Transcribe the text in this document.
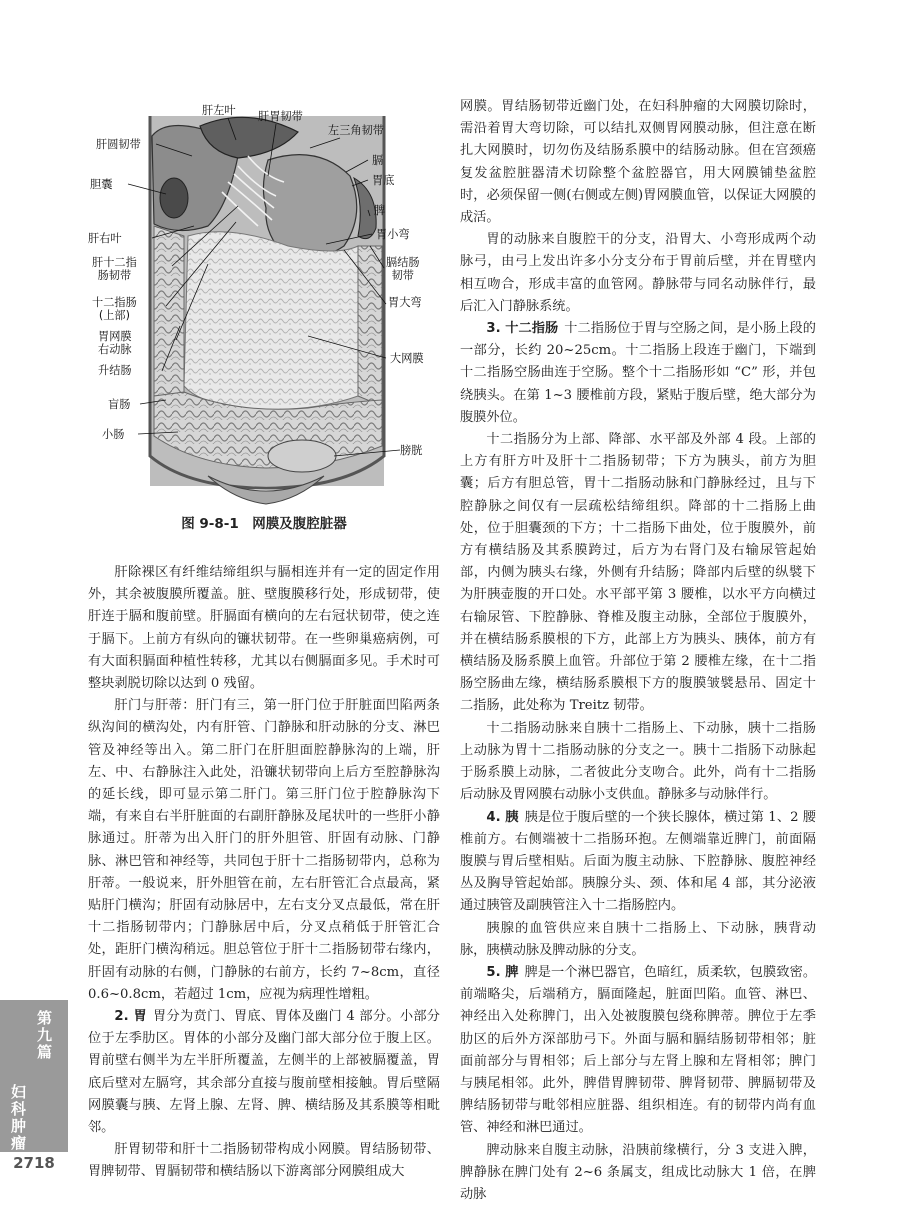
肝左叶 肝胃韧带
左三角韧带
肝圆韧带
膈
胆囊	胃底
脾
肝右叶	胃小弯
肝十二指
肠韧带
膈结肠
韧带
十二指肠
(上部)
胃大弯
胃网膜
右动脉
升结肠
大网膜
盲肠
小肠
膀胱
图 9-8-1　网膜及腹腔脏器

肝除裸区有纤维结缔组织与膈相连并有一定的固定作用外，其余被腹膜所覆盖。脏、壁腹膜移行处，形成韧带，使肝连于膈和腹前壁。肝膈面有横向的左右冠状韧带，使之连于膈下。上前方有纵向的镰状韧带。在一些卵巢癌病例，可有大面积膈面种植性转移，尤其以右侧膈面多见。手术时可整块剥脱切除以达到 0 残留。

肝门与肝蒂：肝门有三，第一肝门位于肝脏面凹陷两条纵沟间的横沟处，内有肝管、门静脉和肝动脉的分支、淋巴管及神经等出入。第二肝门在肝胆面腔静脉沟的上端，肝左、中、右静脉注入此处，沿镰状韧带向上后方至腔静脉沟的延长线，即可显示第二肝门。第三肝门位于腔静脉沟下端，有来自右半肝脏面的右副肝静脉及尾状叶的一些肝小静脉通过。肝蒂为出入肝门的肝外胆管、肝固有动脉、门静脉、淋巴管和神经等，共同包于肝十二指肠韧带内，总称为肝蒂。一般说来，肝外胆管在前，左右肝管汇合点最高，紧贴肝门横沟；肝固有动脉居中，左右支分叉点最低，常在肝十二指肠韧带内；门静脉居中后，分叉点稍低于肝管汇合处，距肝门横沟稍远。胆总管位于肝十二指肠韧带右缘内，肝固有动脉的右侧，门静脉的右前方，长约 7~8cm，直径 0.6~0.8cm，若超过 1cm，应视为病理性增粗。

2. 胃 胃分为贲门、胃底、胃体及幽门 4 部分。小部分位于左季肋区。胃体的小部分及幽门部大部分位于腹上区。胃前壁右侧半为左半肝所覆盖，左侧半的上部被膈覆盖，胃底后壁对左膈穹，其余部分直接与腹前壁相接触。胃后壁隔网膜囊与胰、左肾上腺、左肾、脾、横结肠及其系膜等相毗邻。

肝胃韧带和肝十二指肠韧带构成小网膜。胃结肠韧带、胃脾韧带、胃膈韧带和横结肠以下游离部分网膜组成大

网膜。胃结肠韧带近幽门处，在妇科肿瘤的大网膜切除时，需沿着胃大弯切除，可以结扎双侧胃网膜动脉，但注意在断扎大网膜时，切勿伤及结肠系膜中的结肠动脉。但在宫颈癌复发盆腔脏器清术切除整个盆腔器官，用大网膜铺垫盆腔时，必须保留一侧(右侧或左侧)胃网膜血管，以保证大网膜的成活。

胃的动脉来自腹腔干的分支，沿胃大、小弯形成两个动脉弓，由弓上发出许多小分支分布于胃前后壁，并在胃壁内相互吻合，形成丰富的血管网。静脉带与同名动脉伴行，最后汇入门静脉系统。

3. 十二指肠 十二指肠位于胃与空肠之间，是小肠上段的一部分，长约 20~25cm。十二指肠上段连于幽门，下端到十二指肠空肠曲连于空肠。整个十二指肠形如 “C” 形，并包绕胰头。在第 1~3 腰椎前方段，紧贴于腹后壁，绝大部分为腹膜外位。

十二指肠分为上部、降部、水平部及外部 4 段。上部的上方有肝方叶及肝十二指肠韧带；下方为胰头，前方为胆囊；后方有胆总管，胃十二指肠动脉和门静脉经过，且与下腔静脉之间仅有一层疏松结缔组织。降部的十二指肠上曲处，位于胆囊颈的下方；十二指肠下曲处，位于腹膜外，前方有横结肠及其系膜跨过，后方为右肾门及右输尿管起始部，内侧为胰头右缘，外侧有升结肠；降部内后壁的纵襞下为肝胰壶腹的开口处。水平部平第 3 腰椎，以水平方向横过右输尿管、下腔静脉、脊椎及腹主动脉，全部位于腹膜外，并在横结肠系膜根的下方，此部上方为胰头、胰体，前方有横结肠及肠系膜上血管。升部位于第 2 腰椎左缘，在十二指肠空肠曲左缘，横结肠系膜根下方的腹膜皱襞悬吊、固定十二指肠，此处称为 Treitz 韧带。

十二指肠动脉来自胰十二指肠上、下动脉，胰十二指肠上动脉为胃十二指肠动脉的分支之一。胰十二指肠下动脉起于肠系膜上动脉，二者彼此分支吻合。此外，尚有十二指肠后动脉及胃网膜右动脉小支供血。静脉多与动脉伴行。

4. 胰 胰是位于腹后壁的一个狭长腺体，横过第 1、2 腰椎前方。右侧端被十二指肠环抱。左侧端靠近脾门，前面隔腹膜与胃后壁相贴。后面为腹主动脉、下腔静脉、腹腔神经丛及胸导管起始部。胰腺分头、颈、体和尾 4 部，其分泌液通过胰管及副胰管注入十二指肠腔内。

胰腺的血管供应来自胰十二指肠上、下动脉，胰背动脉，胰横动脉及脾动脉的分支。

5. 脾 脾是一个淋巴器官，色暗红，质柔软，包膜致密。前端略尖，后端稍方，膈面隆起，脏面凹陷。血管、淋巴、神经出入处称脾门，出入处被腹膜包绕称脾蒂。脾位于左季肋区的后外方深部肋弓下。外面与膈和膈结肠韧带相邻；脏面前部分与胃相邻；后上部分与左肾上腺和左肾相邻；脾门与胰尾相邻。此外，脾借胃脾韧带、脾肾韧带、脾膈韧带及脾结肠韧带与毗邻相应脏器、组织相连。有的韧带内尚有血管、神经和淋巴通过。

脾动脉来自腹主动脉，沿胰前缘横行，分 3 支进入脾，脾静脉在脾门处有 2~6 条属支，组成比动脉大 1 倍，在脾动脉

第九篇
妇科肿瘤
2718
